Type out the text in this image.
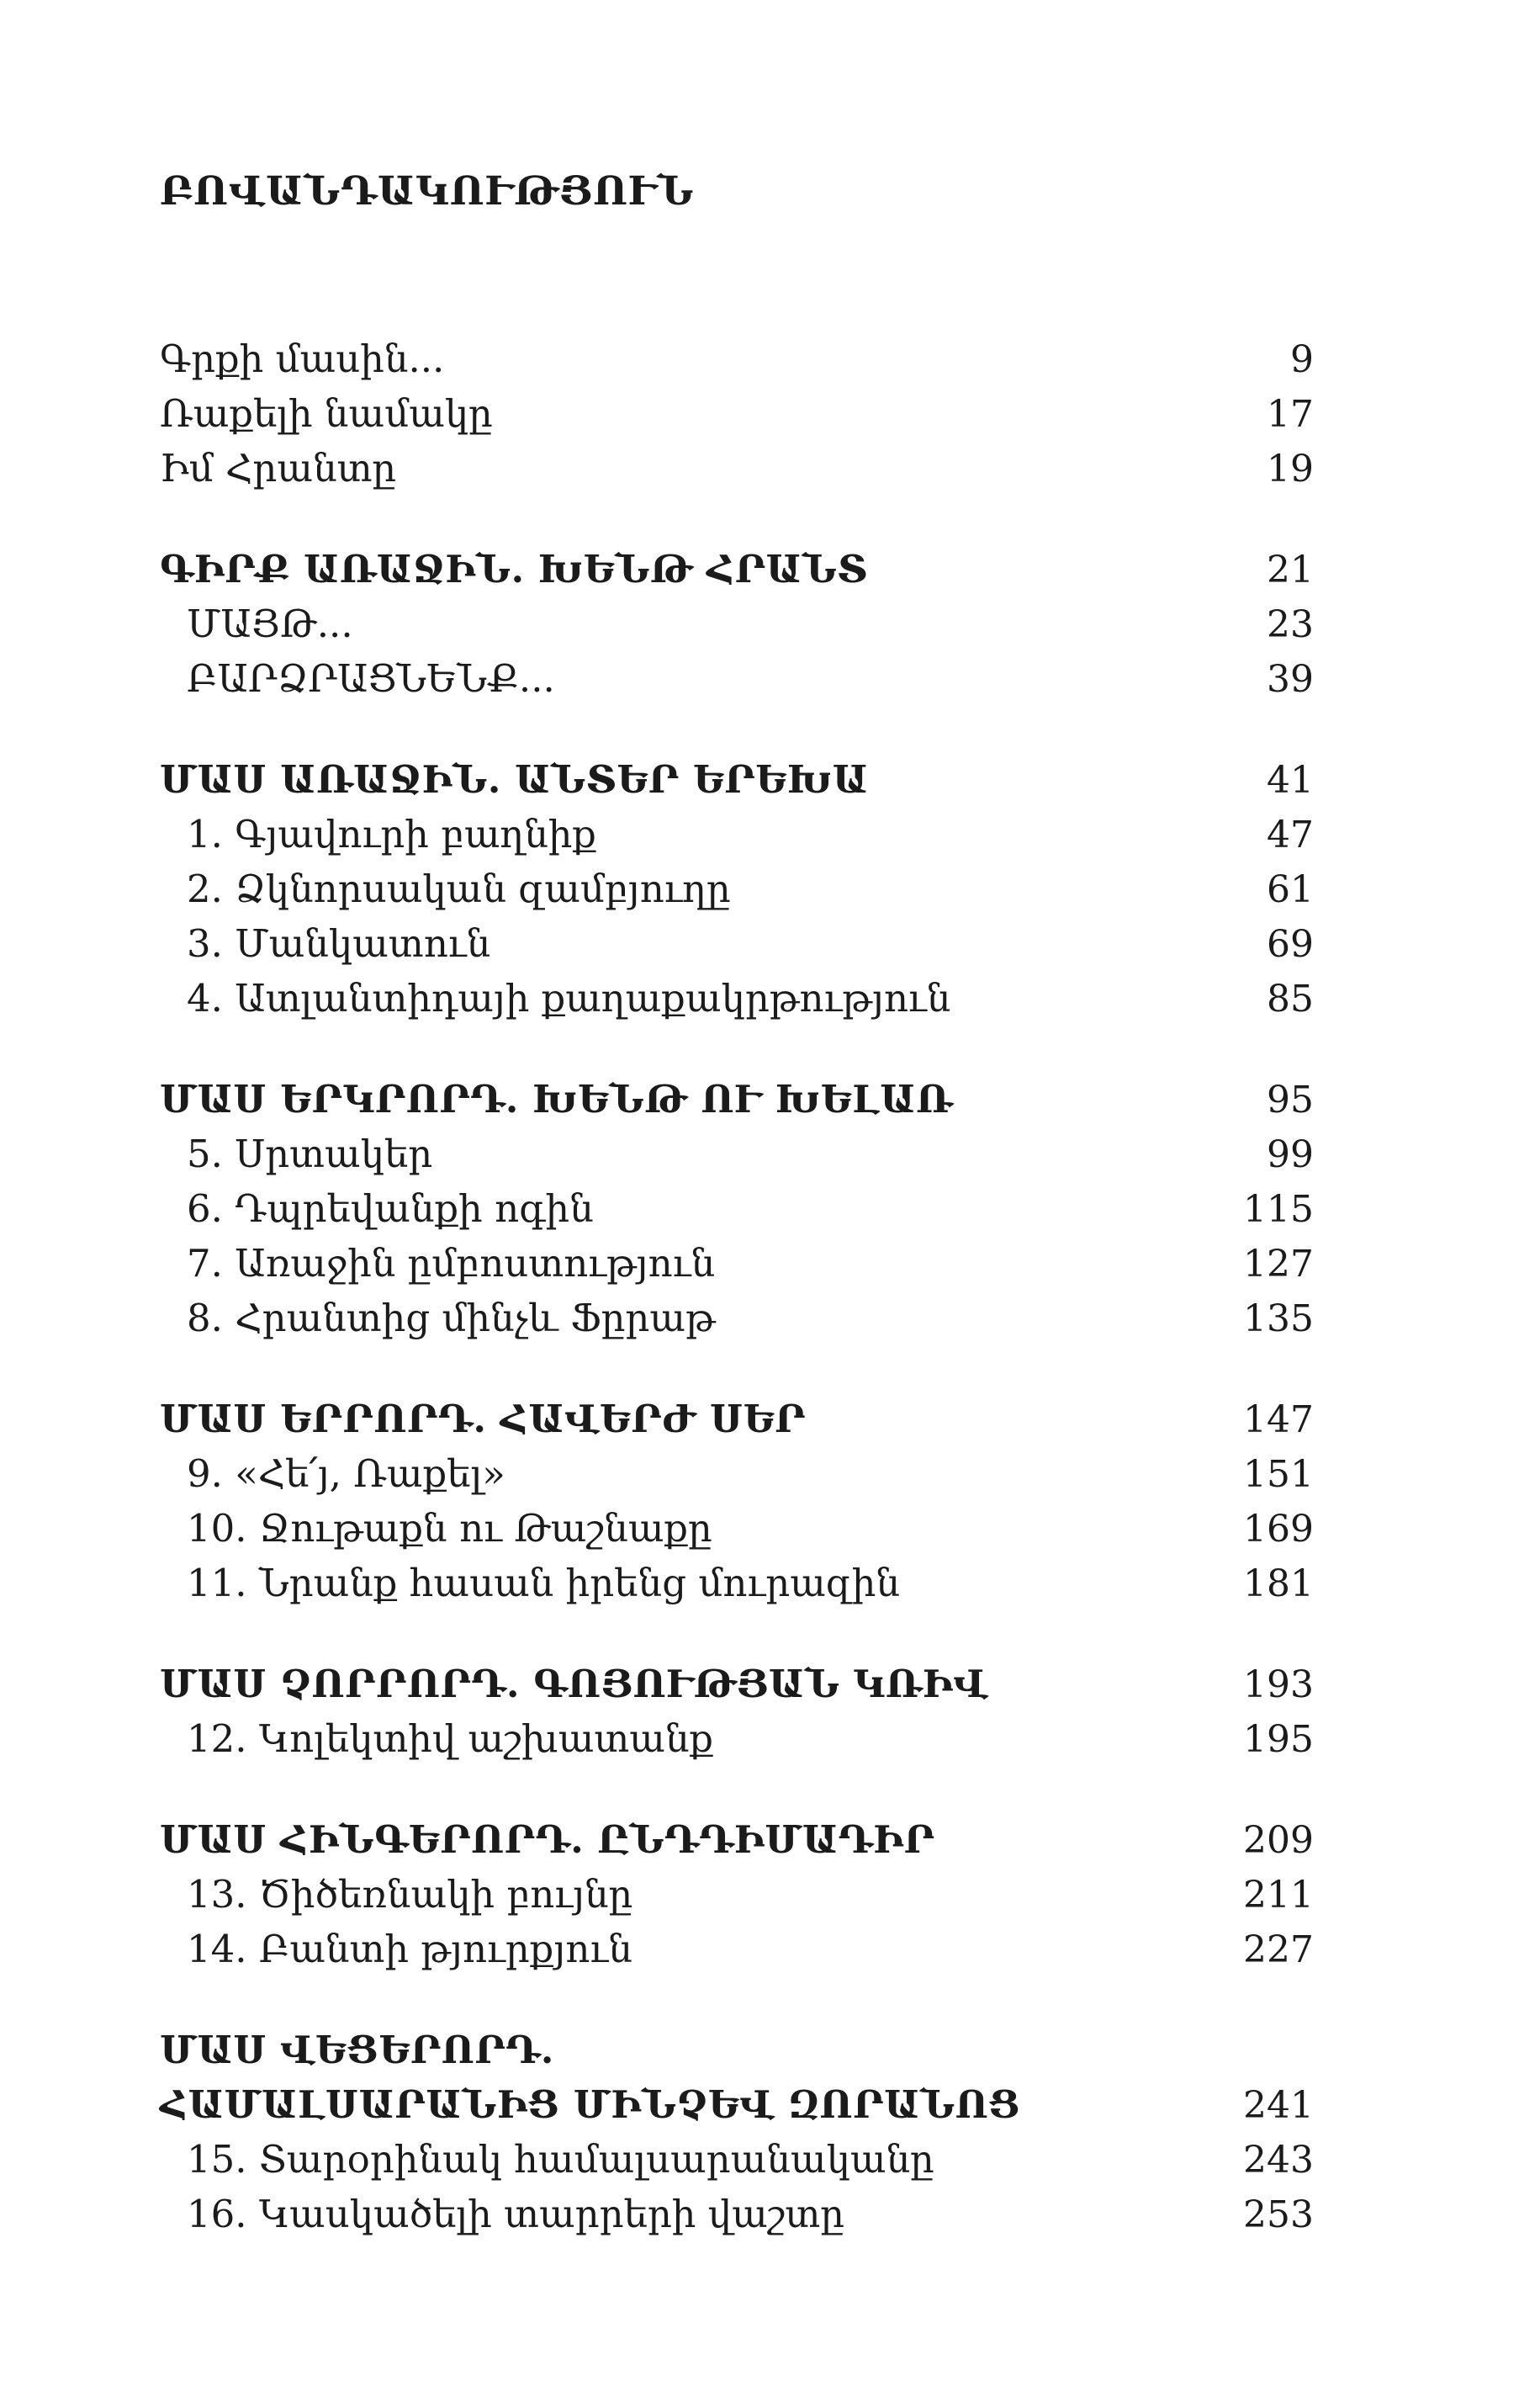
ԲՈՎԱՆԴԱԿՈՒԹՅՈՒՆ
Գրքի մասին...	9
Ռաքելի նամակը	17
Իմ Հրանտը	19
ԳԻՐՔ ԱՌԱՋԻՆ. ԽԵՆԹ ՀՐԱՆՏ	21
ՄԱՅԹ...	23
ԲԱՐՁՐԱՑՆԵՆՔ...	39
ՄԱՍ ԱՌԱՋԻՆ. ԱՆՏԵՐ ԵՐԵԽԱ	41
1. Գյավուրի բաղնիք	47
2. Ձկնորսական զամբյուղը	61
3. Մանկատուն	69
4. Ատլանտիդայի քաղաքակրթություն	85
ՄԱՍ ԵՐԿՐՈՐԴ. ԽԵՆԹ ՈՒ ԽԵԼԱՌ	95
5. Սրտակեր	99
6. Դպրեվանքի ոգին	115
7. Առաջին ըմբոստություն	127
8. Հրանտից մինչև Ֆըրաթ	135
ՄԱՍ ԵՐՐՈՐԴ. ՀԱՎԵՐԺ ՍԵՐ	147
9. «Հե՛յ, Ռաքել»	151
10. Ջութաքն ու Թաշնաքը	169
11. Նրանք հասան իրենց մուրազին	181
ՄԱՍ ՉՈՐՐՈՐԴ. ԳՈՅՈՒԹՅԱՆ ԿՌԻՎ	193
12. Կոլեկտիվ աշխատանք	195
ՄԱՍ ՀԻՆԳԵՐՈՐԴ. ԸՆԴԴԻՄԱԴԻՐ	209
13. Ծիծեռնակի բույնը	211
14. Բանտի թյուրքյուն	227
ՄԱՍ ՎԵՑԵՐՈՐԴ.
ՀԱՄԱԼՍԱՐԱՆԻՑ ՄԻՆՉԵՎ ԶՈՐԱՆՈՑ	241
15. Տարօրինակ համալսարանականը	243
16. Կասկածելի տարրերի վաշտը	253
